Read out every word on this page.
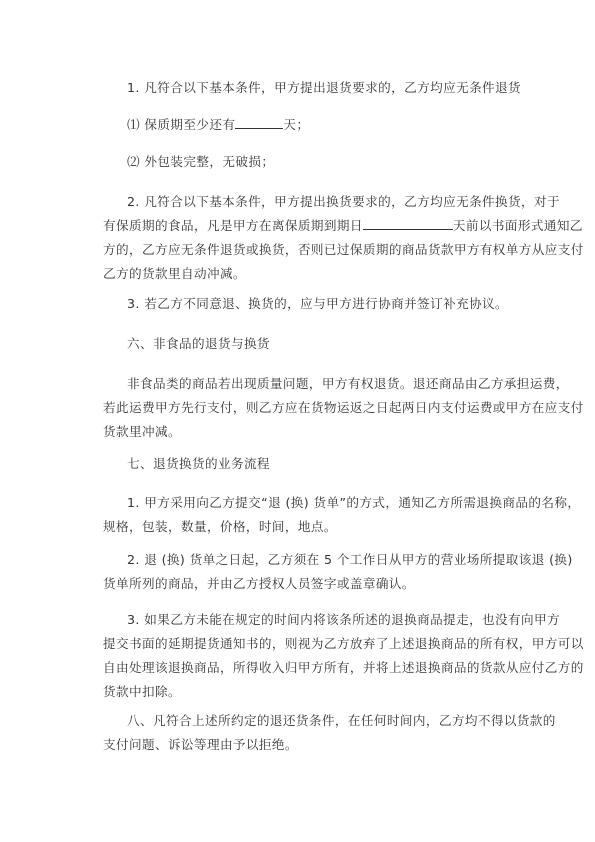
1. 凡符合以下基本条件，甲方提出退货要求的，乙方均应无条件退货

⑴ 保质期至少还有	天；

⑵ 外包装完整，无破损；

2. 凡符合以下基本条件，甲方提出换货要求的，乙方均应无条件换货，对于
有保质期的食品，凡是甲方在离保质期到期日	天前以书面形式通知乙
方的，乙方应无条件退货或换货，否则已过保质期的商品货款甲方有权单方从应支付
乙方的货款里自动冲减。

3. 若乙方不同意退、换货的，应与甲方进行协商并签订补充协议。

六、非食品的退货与换货

非食品类的商品若出现质量问题，甲方有权退货。退还商品由乙方承担运费，
若此运费甲方先行支付，则乙方应在货物运返之日起两日内支付运费或甲方在应支付
货款里冲减。

七、退货换货的业务流程

1. 甲方采用向乙方提交“退 (换) 货单”的方式，通知乙方所需退换商品的名称，
规格，包装，数量，价格，时间，地点。

2. 退 (换) 货单之日起，乙方须在 5 个工作日从甲方的营业场所提取该退 (换)
货单所列的商品，并由乙方授权人员签字或盖章确认。

3. 如果乙方未能在规定的时间内将该条所述的退换商品提走，也没有向甲方
提交书面的延期提货通知书的，则视为乙方放弃了上述退换商品的所有权，甲方可以
自由处理该退换商品，所得收入归甲方所有，并将上述退换商品的货款从应付乙方的
货款中扣除。

八、凡符合上述所约定的退还货条件，在任何时间内，乙方均不得以货款的
支付问题、诉讼等理由予以拒绝。
